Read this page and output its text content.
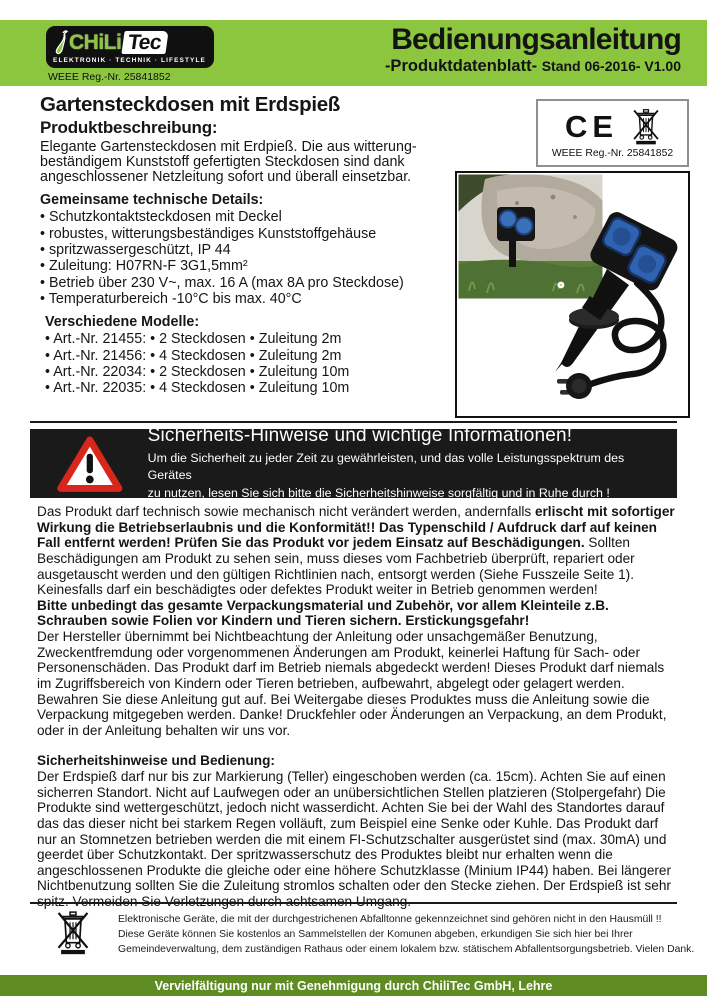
CHiLi Tec
ELEKTRONIK · TECHNIK · LIFESTYLE
WEEE Reg.-Nr. 25841852
Bedienungsanleitung
-Produktdatenblatt- Stand 06-2016- V1.00
Gartensteckdosen mit Erdspieß
Produktbeschreibung:
Elegante Gartensteckdosen mit Erdpieß. Die aus witterung-
beständigem Kunststoff gefertigten Steckdosen sind dank
angeschlossener Netzleitung sofort und überall einsetzbar.
Gemeinsame technische Details:
• Schutzkontaktsteckdosen mit Deckel
• robustes, witterungsbeständiges Kunststoffgehäuse
• spritzwassergeschützt, IP 44
• Zuleitung: H07RN-F 3G1,5mm²
• Betrieb über 230 V~, max. 16 A (max 8A pro Steckdose)
• Temperaturbereich -10°C bis max. 40°C
Verschiedene Modelle:
• Art.-Nr. 21455: • 2 Steckdosen • Zuleitung 2m
• Art.-Nr. 21456: • 4 Steckdosen • Zuleitung 2m
• Art.-Nr. 22034: • 2 Steckdosen • Zuleitung 10m
• Art.-Nr. 22035: • 4 Steckdosen • Zuleitung 10m
CE
WEEE Reg.-Nr. 25841852
Sicherheits-Hinweise und wichtige Informationen!
Um die Sicherheit zu jeder Zeit zu gewährleisten, und das volle Leistungsspektrum des Gerätes
zu nutzen, lesen Sie sich bitte die Sicherheitshinweise sorgfältig und in Ruhe durch !

Das Produkt darf technisch sowie mechanisch nicht verändert werden, andernfalls erlischt mit sofortiger Wirkung die Betriebserlaubnis und die Konformität!! Das Typenschild / Aufdruck darf auf keinen Fall entfernt werden! Prüfen Sie das Produkt vor jedem Einsatz auf Beschädigungen. Sollten Beschädigungen am Produkt zu sehen sein, muss dieses vom Fachbetrieb überprüft, repariert oder ausgetauscht werden und den gültigen Richtlinien nach, entsorgt werden (Siehe Fusszeile Seite 1). Keinesfalls darf ein beschädigtes oder defektes Produkt weiter in Betrieb genommen werden!

Bitte unbedingt das gesamte Verpackungsmaterial und Zubehör, vor allem Kleinteile z.B. Schrauben sowie Folien vor Kindern und Tieren sichern. Erstickungsgefahr!

Der Hersteller übernimmt bei Nichtbeachtung der Anleitung oder unsachgemäßer Benutzung, Zweckentfremdung oder vorgenommenen Änderungen am Produkt, keinerlei Haftung für Sach- oder Personenschäden. Das Produkt darf im Betrieb niemals abgedeckt werden! Dieses Produkt darf niemals im Zugriffsbereich von Kindern oder Tieren betrieben, aufbewahrt, abgelegt oder gelagert werden.

Bewahren Sie diese Anleitung gut auf. Bei Weitergabe dieses Produktes muss die Anleitung sowie die Verpackung mitgegeben werden. Danke! Druckfehler oder Änderungen an Verpackung, an dem Produkt, oder in der Anleitung behalten wir uns vor.

Sicherheitshinweise und Bedienung:

Der Erdspieß darf nur bis zur Markierung (Teller) eingeschoben werden (ca. 15cm). Achten Sie auf einen sicherren Standort. Nicht auf Laufwegen oder an unübersichtlichen Stellen platzieren (Stolpergefahr) Die Produkte sind wettergeschützt, jedoch nicht wasserdicht. Achten Sie bei der Wahl des Standortes darauf das das dieser nicht bei starkem Regen volläuft, zum Beispiel eine Senke oder Kuhle. Das Produkt darf nur an Stomnetzen betrieben werden die mit einem FI-Schutzschalter ausgerüstet sind (max. 30mA) und geerdet über Schutzkontakt. Der spritzwasserschutz des Produktes bleibt nur erhalten wenn die angeschlossenen Produkte die gleiche oder eine höhere Schutzklasse (Minium IP44) haben. Bei längerer Nichtbenutzung sollten Sie die Zuleitung stromlos schalten oder den Stecke ziehen. Der Erdspieß ist sehr spitz. Vermeiden Sie Verletzungen durch achtsamen Umgang.

Elektronische Geräte, die mit der durchgestrichenen Abfalltonne gekennzeichnet sind gehören nicht in den Hausmüll !!
Diese Geräte können Sie kostenlos an Sammelstellen der Komunen abgeben, erkundigen Sie sich hier bei Ihrer
Gemeindeverwaltung, dem zuständigen Rathaus oder einem lokalem bzw. stätischem Abfallentsorgungsbetrieb. Vielen Dank.
Vervielfältigung nur mit Genehmigung durch ChiliTec GmbH, Lehre
